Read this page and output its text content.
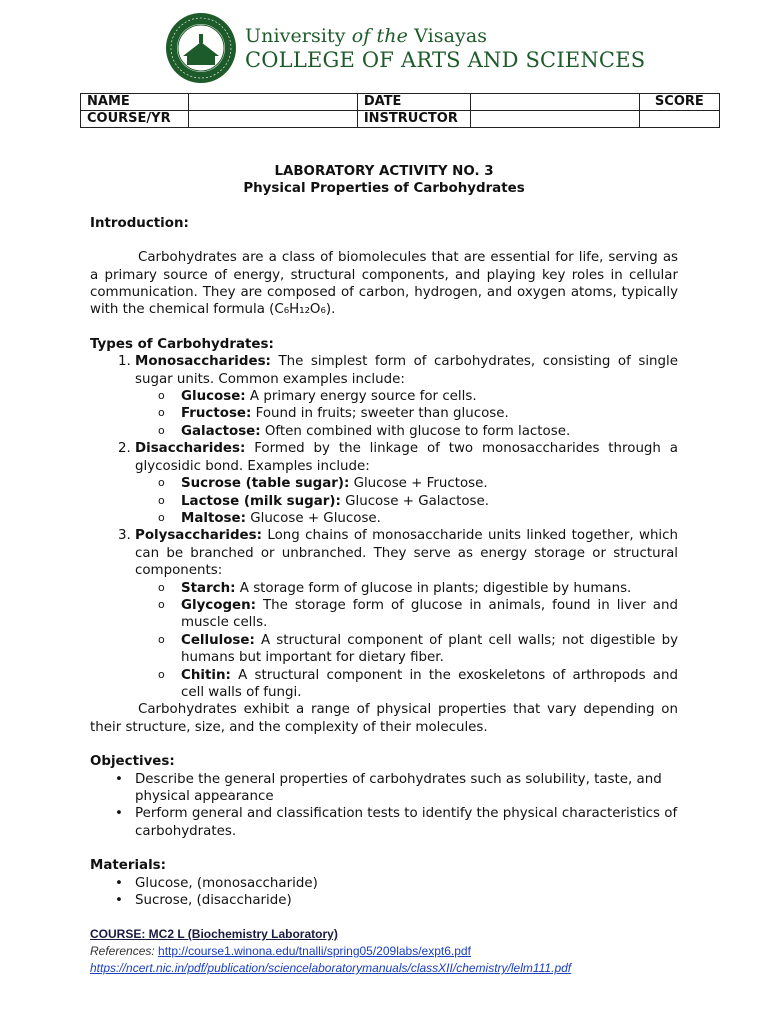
University of the Visayas
COLLEGE OF ARTS AND SCIENCES
NAME		DATE		SCORE
COURSE/YR		INSTRUCTOR		
LABORATORY ACTIVITY NO. 3
Physical Properties of Carbohydrates
Introduction:
Carbohydrates are a class of biomolecules that are essential for life, serving as a primary source of energy, structural components, and playing key roles in cellular communication. They are composed of carbon, hydrogen, and oxygen atoms, typically with the chemical formula (C₆H₁₂O₆).
Types of Carbohydrates:
1. Monosaccharides: The simplest form of carbohydrates, consisting of single sugar units. Common examples include:
o Glucose: A primary energy source for cells.
o Fructose: Found in fruits; sweeter than glucose.
o Galactose: Often combined with glucose to form lactose.
2. Disaccharides: Formed by the linkage of two monosaccharides through a glycosidic bond. Examples include:
o Sucrose (table sugar): Glucose + Fructose.
o Lactose (milk sugar): Glucose + Galactose.
o Maltose: Glucose + Glucose.
3. Polysaccharides: Long chains of monosaccharide units linked together, which can be branched or unbranched. They serve as energy storage or structural components:
o Starch: A storage form of glucose in plants; digestible by humans.
o Glycogen: The storage form of glucose in animals, found in liver and muscle cells.
o Cellulose: A structural component of plant cell walls; not digestible by humans but important for dietary fiber.
o Chitin: A structural component in the exoskeletons of arthropods and cell walls of fungi.
Carbohydrates exhibit a range of physical properties that vary depending on their structure, size, and the complexity of their molecules.
Objectives:
• Describe the general properties of carbohydrates such as solubility, taste, and physical appearance
• Perform general and classification tests to identify the physical characteristics of carbohydrates.
Materials:
• Glucose, (monosaccharide)
• Sucrose, (disaccharide)
COURSE: MC2 L (Biochemistry Laboratory)
References: http://course1.winona.edu/tnalli/spring05/209labs/expt6.pdf
https://ncert.nic.in/pdf/publication/sciencelaboratorymanuals/classXII/chemistry/lelm111.pdf
